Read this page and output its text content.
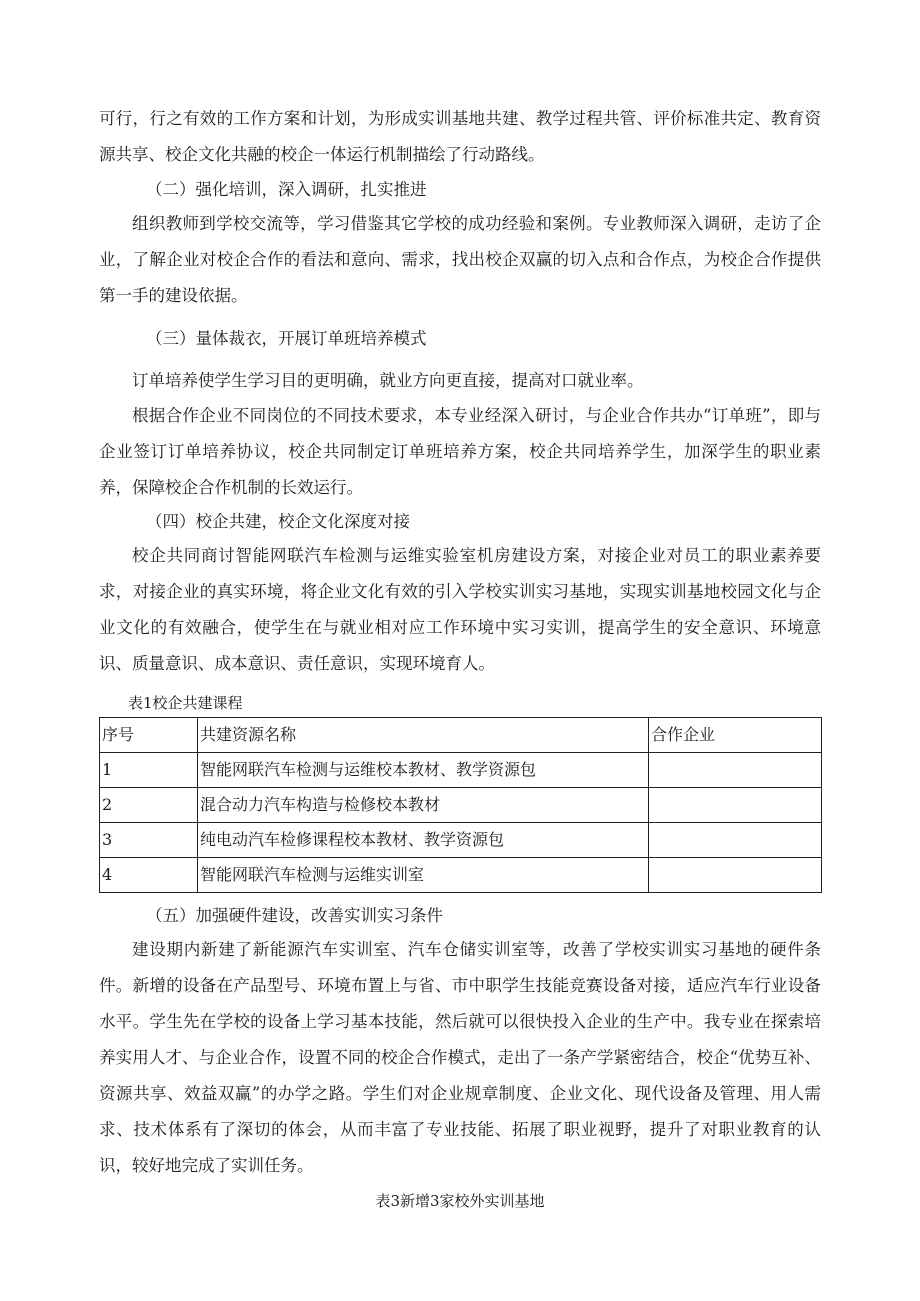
可行，行之有效的工作方案和计划，为形成实训基地共建、教学过程共管、评价标准共定、教育资源共享、校企文化共融的校企一体运行机制描绘了行动路线。

（二）强化培训，深入调研，扎实推进

组织教师到学校交流等，学习借鉴其它学校的成功经验和案例。专业教师深入调研，走访了企业，了解企业对校企合作的看法和意向、需求，找出校企双赢的切入点和合作点，为校企合作提供第一手的建设依据。

（三）量体裁衣，开展订单班培养模式

订单培养使学生学习目的更明确，就业方向更直接，提高对口就业率。

根据合作企业不同岗位的不同技术要求，本专业经深入研讨，与企业合作共办“订单班”，即与企业签订订单培养协议，校企共同制定订单班培养方案，校企共同培养学生，加深学生的职业素养，保障校企合作机制的长效运行。

（四）校企共建，校企文化深度对接

校企共同商讨智能网联汽车检测与运维实验室机房建设方案，对接企业对员工的职业素养要求，对接企业的真实环境，将企业文化有效的引入学校实训实习基地，实现实训基地校园文化与企业文化的有效融合，使学生在与就业相对应工作环境中实习实训，提高学生的安全意识、环境意识、质量意识、成本意识、责任意识，实现环境育人。

表1校企共建课程

序号	共建资源名称	合作企业
1	智能网联汽车检测与运维校本教材、教学资源包	
2	混合动力汽车构造与检修校本教材	
3	纯电动汽车检修课程校本教材、教学资源包	
4	智能网联汽车检测与运维实训室	

（五）加强硬件建设，改善实训实习条件

建设期内新建了新能源汽车实训室、汽车仓储实训室等，改善了学校实训实习基地的硬件条件。新增的设备在产品型号、环境布置上与省、市中职学生技能竞赛设备对接，适应汽车行业设备水平。学生先在学校的设备上学习基本技能，然后就可以很快投入企业的生产中。我专业在探索培养实用人才、与企业合作，设置不同的校企合作模式，走出了一条产学紧密结合，校企“优势互补、资源共享、效益双赢”的办学之路。学生们对企业规章制度、企业文化、现代设备及管理、用人需求、技术体系有了深切的体会，从而丰富了专业技能、拓展了职业视野，提升了对职业教育的认识，较好地完成了实训任务。

表3新增3家校外实训基地
